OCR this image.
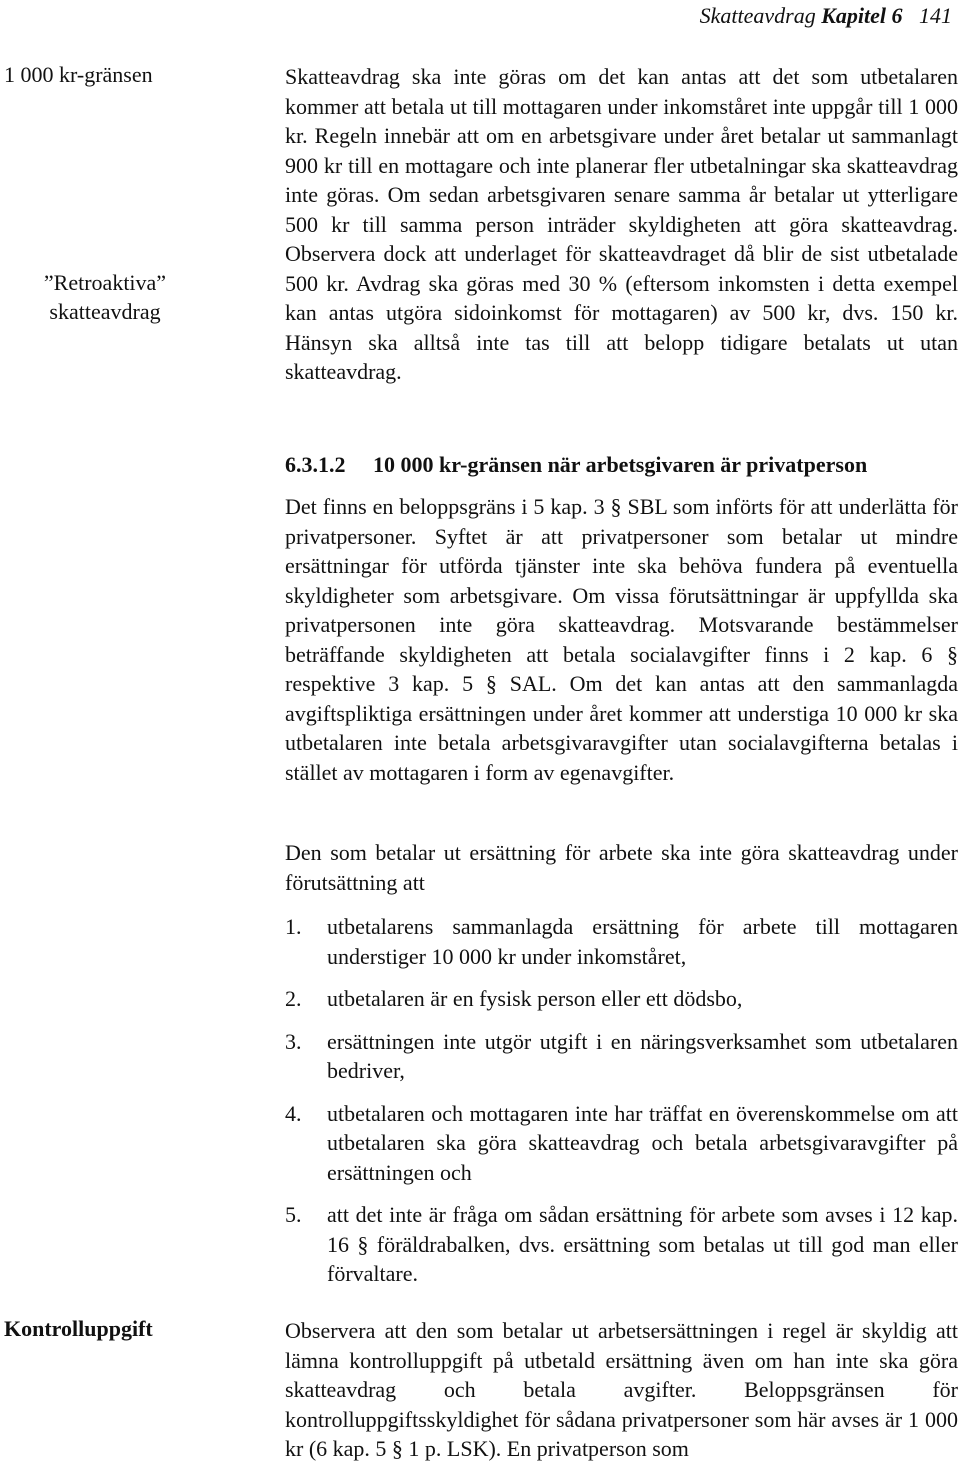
Skatteavdrag Kapitel 6 141
1 000 kr-gränsen
”Retroaktiva”
skatteavdrag
Kontrolluppgift

Skatteavdrag ska inte göras om det kan antas att det som utbetalaren kommer att betala ut till mottagaren under inkomståret inte uppgår till 1 000 kr. Regeln innebär att om en arbetsgivare under året betalar ut sammanlagt 900 kr till en mottagare och inte planerar fler utbetalningar ska skatteavdrag inte göras. Om sedan arbetsgivaren senare samma år betalar ut ytterligare 500 kr till samma person inträder skyldigheten att göra skatteavdrag. Observera dock att underlaget för skatteavdraget då blir de sist utbetalade 500 kr. Avdrag ska göras med 30 % (eftersom inkomsten i detta exempel kan antas utgöra sidoinkomst för mottagaren) av 500 kr, dvs. 150 kr. Hänsyn ska alltså inte tas till att belopp tidigare betalats ut utan skatteavdrag.

6.3.1.2 10 000 kr-gränsen när arbetsgivaren är privatperson

Det finns en beloppsgräns i 5 kap. 3 § SBL som införts för att underlätta för privatpersoner. Syftet är att privatpersoner som betalar ut mindre ersättningar för utförda tjänster inte ska behöva fundera på eventuella skyldigheter som arbetsgivare. Om vissa förutsättningar är uppfyllda ska privatpersonen inte göra skatteavdrag. Motsvarande bestämmelser beträffande skyldigheten att betala socialavgifter finns i 2 kap. 6 § respektive 3 kap. 5 § SAL. Om det kan antas att den sammanlagda avgiftspliktiga ersättningen under året kommer att understiga 10 000 kr ska utbetalaren inte betala arbetsgivaravgifter utan socialavgifterna betalas i stället av mottagaren i form av egenavgifter.

Den som betalar ut ersättning för arbete ska inte göra skatteavdrag under förutsättning att

1. utbetalarens sammanlagda ersättning för arbete till mottagaren understiger 10 000 kr under inkomståret,
2. utbetalaren är en fysisk person eller ett dödsbo,
3. ersättningen inte utgör utgift i en näringsverksamhet som utbetalaren bedriver,
4. utbetalaren och mottagaren inte har träffat en överenskommelse om att utbetalaren ska göra skatteavdrag och betala arbetsgivaravgifter på ersättningen och
5. att det inte är fråga om sådan ersättning för arbete som avses i 12 kap. 16 § föräldrabalken, dvs. ersättning som betalas ut till god man eller förvaltare.

Observera att den som betalar ut arbetsersättningen i regel är skyldig att lämna kontrolluppgift på utbetald ersättning även om han inte ska göra skatteavdrag och betala avgifter. Beloppsgränsen för kontrolluppgiftsskyldighet för sådana privatpersoner som här avses är 1 000 kr (6 kap. 5 § 1 p. LSK). En privatperson som
